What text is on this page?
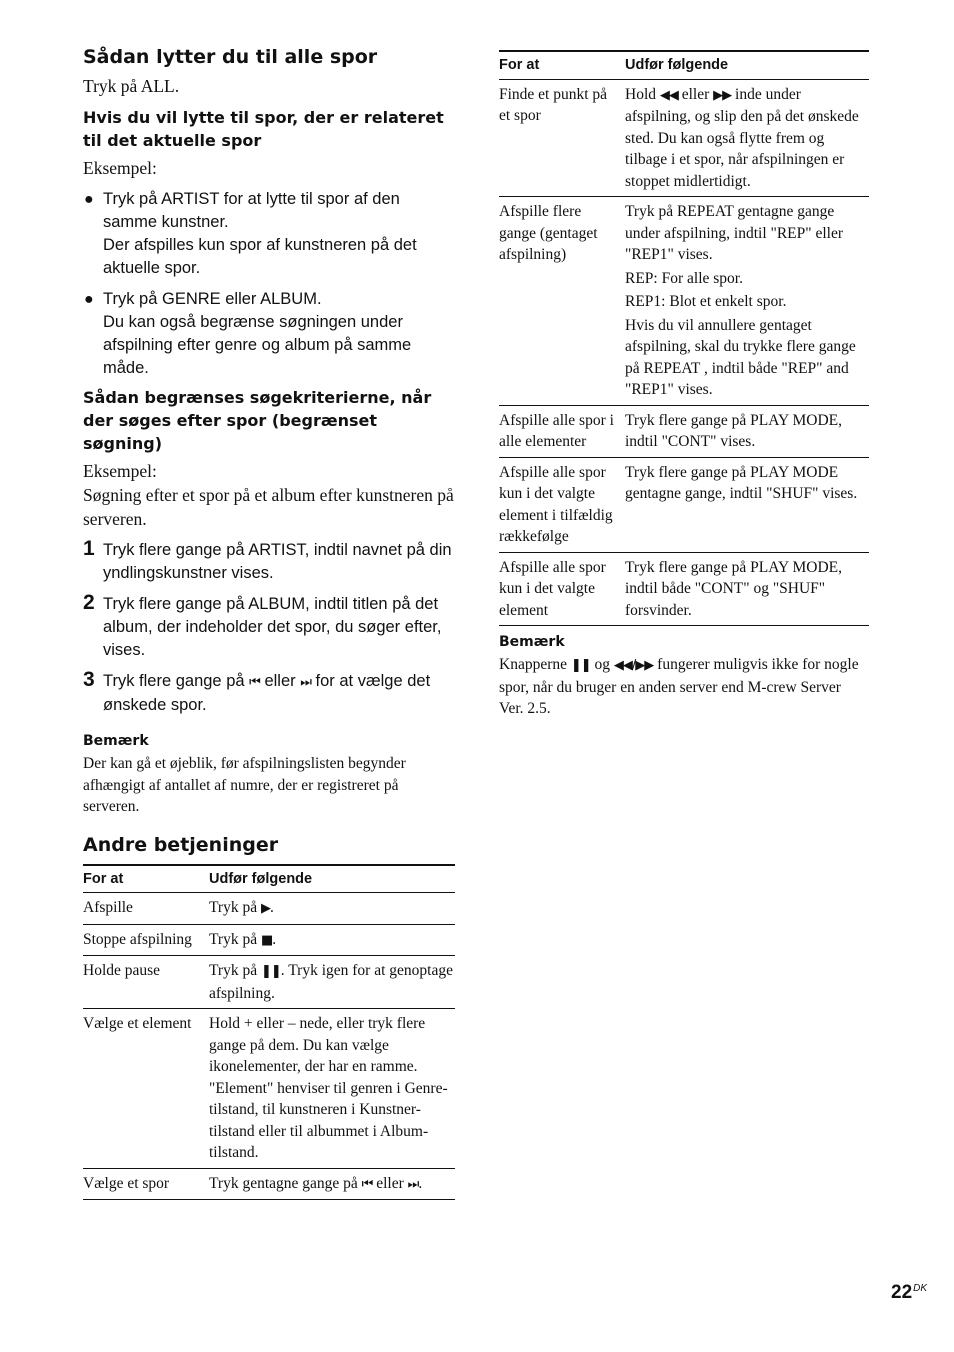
Sådan lytter du til alle spor

Tryk på ALL.

Hvis du vil lytte til spor, der er relateret til det aktuelle spor

Eksempel:

● Tryk på ARTIST for at lytte til spor af den samme kunstner.
Der afspilles kun spor af kunstneren på det aktuelle spor.
● Tryk på GENRE eller ALBUM.
Du kan også begrænse søgningen under afspilning efter genre og album på samme måde.
Sådan begrænses søgekriterierne, når der søges efter spor (begrænset søgning)

Eksempel:

Søgning efter et spor på et album efter kunstneren på serveren.

1 Tryk flere gange på ARTIST, indtil navnet på din yndlingskunstner vises.
2 Tryk flere gange på ALBUM, indtil titlen på det album, der indeholder det spor, du søger efter, vises.
3 Tryk flere gange på ⏮ eller ⏭ for at vælge det ønskede spor.
Bemærk

Der kan gå et øjeblik, før afspilningslisten begynder afhængigt af antallet af numre, der er registreret på serveren.

Andre betjeninger
For at	Udfør følgende
Afspille	Tryk på ▶.
Stoppe afspilning	Tryk på ■.
Holde pause	Tryk på ❚❚. Tryk igen for at genoptage afspilning.
Vælge et element	Hold + eller – nede, eller tryk flere gange på dem. Du kan vælge ikonelementer, der har en ramme. "Element" henviser til genren i Genre-tilstand, til kunstneren i Kunstner-tilstand eller til albummet i Album-tilstand.
Vælge et spor	Tryk gentagne gange på ⏮ eller ⏭.
For at	Udfør følgende
Finde et punkt på et spor	Hold ◀◀ eller ▶▶ inde under afspilning, og slip den på det ønskede sted. Du kan også flytte frem og tilbage i et spor, når afspilningen er stoppet midlertidigt.
Afspille flere gange (gentaget afspilning)	Tryk på REPEAT gentagne gange under afspilning, indtil "REP" eller "REP1" vises.

REP: For alle spor.

REP1: Blot et enkelt spor.

Hvis du vil annullere gentaget afspilning, skal du trykke flere gange på REPEAT , indtil både "REP" and "REP1" vises.

Afspille alle spor i alle elementer	Tryk flere gange på PLAY MODE, indtil "CONT" vises.
Afspille alle spor kun i det valgte element i tilfældig rækkefølge	Tryk flere gange på PLAY MODE gentagne gange, indtil "SHUF" vises.
Afspille alle spor kun i det valgte element	Tryk flere gange på PLAY MODE, indtil både "CONT" og "SHUF" forsvinder.
Bemærk

Knapperne ❚❚ og ◀◀/▶▶ fungerer muligvis ikke for nogle spor, når du bruger en anden server end M-crew Server Ver. 2.5.

$22^{DK}$
